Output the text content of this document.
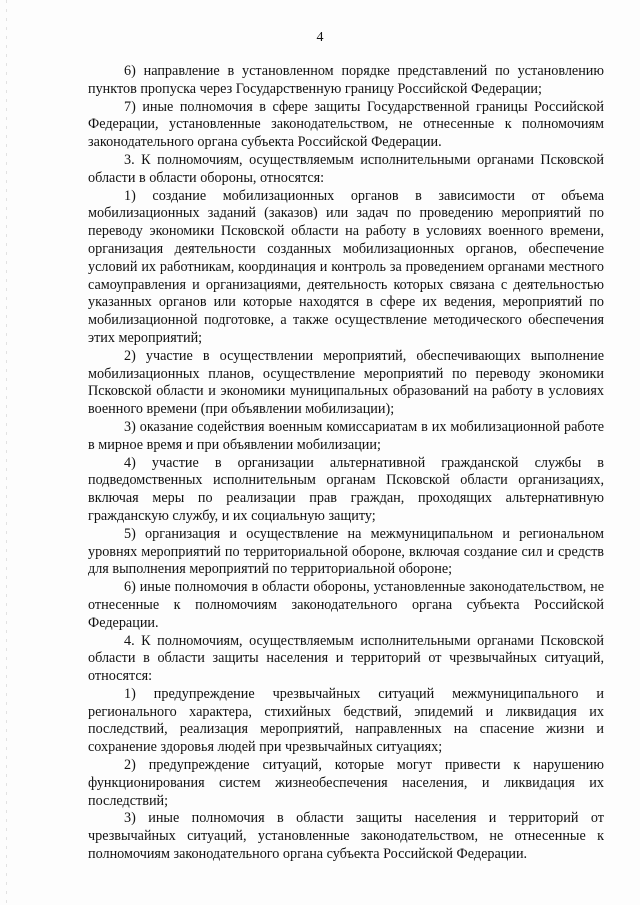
4

6) направление в установленном порядке представлений по установлению пунктов пропуска через Государственную границу Российской Федерации;

7) иные полномочия в сфере защиты Государственной границы Российской Федерации, установленные законодательством, не отнесенные к полномочиям законодательного органа субъекта Российской Федерации.

3. К полномочиям, осуществляемым исполнительными органами Псковской области в области обороны, относятся:

1) создание мобилизационных органов в зависимости от объема мобилизационных заданий (заказов) или задач по проведению мероприятий по переводу экономики Псковской области на работу в условиях военного времени, организация деятельности созданных мобилизационных органов, обеспечение условий их работникам, координация и контроль за проведением органами местного самоуправления и организациями, деятельность которых связана с деятельностью указанных органов или которые находятся в сфере их ведения, мероприятий по мобилизационной подготовке, а также осуществление методического обеспечения этих мероприятий;

2) участие в осуществлении мероприятий, обеспечивающих выполнение мобилизационных планов, осуществление мероприятий по переводу экономики Псковской области и экономики муниципальных образований на работу в условиях военного времени (при объявлении мобилизации);

3) оказание содействия военным комиссариатам в их мобилизационной работе в мирное время и при объявлении мобилизации;

4) участие в организации альтернативной гражданской службы в подведомственных исполнительным органам Псковской области организациях, включая меры по реализации прав граждан, проходящих альтернативную гражданскую службу, и их социальную защиту;

5) организация и осуществление на межмуниципальном и региональном уровнях мероприятий по территориальной обороне, включая создание сил и средств для выполнения мероприятий по территориальной обороне;

6) иные полномочия в области обороны, установленные законодательством, не отнесенные к полномочиям законодательного органа субъекта Российской Федерации.

4. К полномочиям, осуществляемым исполнительными органами Псковской области в области защиты населения и территорий от чрезвычайных ситуаций, относятся:

1) предупреждение чрезвычайных ситуаций межмуниципального и регионального характера, стихийных бедствий, эпидемий и ликвидация их последствий, реализация мероприятий, направленных на спасение жизни и сохранение здоровья людей при чрезвычайных ситуациях;

2) предупреждение ситуаций, которые могут привести к нарушению функционирования систем жизнеобеспечения населения, и ликвидация их последствий;

3) иные полномочия в области защиты населения и территорий от чрезвычайных ситуаций, установленные законодательством, не отнесенные к полномочиям законодательного органа субъекта Российской Федерации.
